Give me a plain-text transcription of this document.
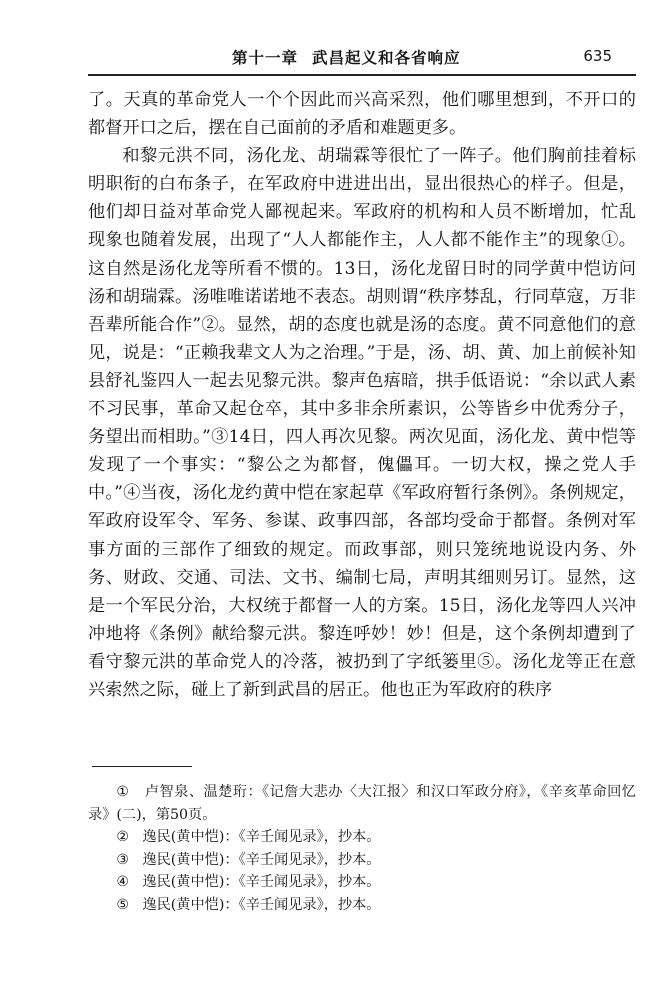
第十一章 武昌起义和各省响应	635

了。天真的革命党人一个个因此而兴高采烈，他们哪里想到，不开口的都督开口之后，摆在自己面前的矛盾和难题更多。

和黎元洪不同，汤化龙、胡瑞霖等很忙了一阵子。他们胸前挂着标明职衔的白布条子，在军政府中进进出出，显出很热心的样子。但是，他们却日益对革命党人鄙视起来。军政府的机构和人员不断增加，忙乱现象也随着发展，出现了“人人都能作主，人人都不能作主”的现象①。这自然是汤化龙等所看不惯的。13日，汤化龙留日时的同学黄中恺访问汤和胡瑞霖。汤唯唯诺诺地不表态。胡则谓“秩序棼乱，行同草寇，万非吾辈所能合作”②。显然，胡的态度也就是汤的态度。黄不同意他们的意见，说是：“正赖我辈文人为之治理。”于是，汤、胡、黄、加上前候补知县舒礼鉴四人一起去见黎元洪。黎声色痦暗，拱手低语说：“余以武人素不习民事，革命又起仓卒，其中多非余所素识，公等皆乡中优秀分子，务望出而相助。”③14日，四人再次见黎。两次见面，汤化龙、黄中恺等发现了一个事实：“黎公之为都督，傀儡耳。一切大权，操之党人手中。”④当夜，汤化龙约黄中恺在家起草《军政府暂行条例》。条例规定，军政府设军令、军务、参谋、政事四部，各部均受命于都督。条例对军事方面的三部作了细致的规定。而政事部，则只笼统地说设内务、外务、财政、交通、司法、文书、编制七局，声明其细则另订。显然，这是一个军民分治，大权统于都督一人的方案。15日，汤化龙等四人兴冲冲地将《条例》献给黎元洪。黎连呼妙！妙！但是，这个条例却遭到了看守黎元洪的革命党人的冷落，被扔到了字纸篓里⑤。汤化龙等正在意兴索然之际，碰上了新到武昌的居正。他也正为军政府的秩序

① 卢智泉、温楚珩：《记詹大悲办〈大江报〉和汉口军政分府》，《辛亥革命回忆录》(二)，第50页。

② 逸民(黄中恺)：《辛壬闻见录》，抄本。

③ 逸民(黄中恺)：《辛壬闻见录》，抄本。

④ 逸民(黄中恺)：《辛壬闻见录》，抄本。

⑤ 逸民(黄中恺)：《辛壬闻见录》，抄本。
